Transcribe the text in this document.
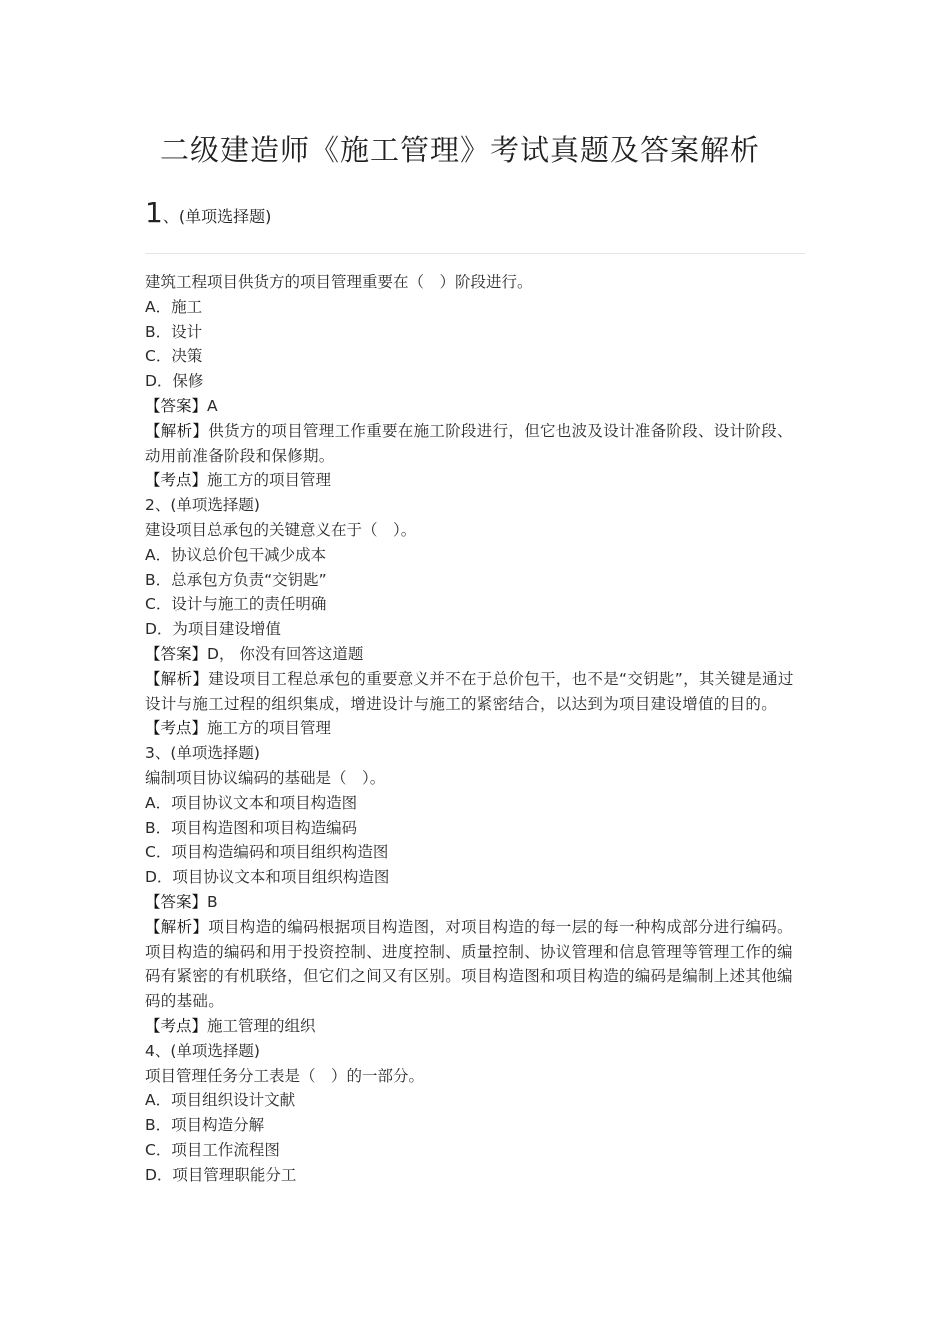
二级建造师《施工管理》考试真题及答案解析
1、(单项选择题)
建筑工程项目供货方的项目管理重要在（　）阶段进行。
A．施工
B．设计
C．决策
D．保修
【答案】A
【解析】供货方的项目管理工作重要在施工阶段进行，但它也波及设计准备阶段、设计阶段、动用前准备阶段和保修期。
【考点】施工方的项目管理
2、(单项选择题)
建设项目总承包的关键意义在于（　）。
A．协议总价包干减少成本
B．总承包方负责“交钥匙”
C．设计与施工的责任明确
D．为项目建设增值
【答案】D， 你没有回答这道题
【解析】建设项目工程总承包的重要意义并不在于总价包干，也不是“交钥匙”，其关键是通过设计与施工过程的组织集成，增进设计与施工的紧密结合，以达到为项目建设增值的目的。
【考点】施工方的项目管理
3、(单项选择题)
编制项目协议编码的基础是（　）。
A．项目协议文本和项目构造图
B．项目构造图和项目构造编码
C．项目构造编码和项目组织构造图
D．项目协议文本和项目组织构造图
【答案】B
【解析】项目构造的编码根据项目构造图，对项目构造的每一层的每一种构成部分进行编码。项目构造的编码和用于投资控制、进度控制、质量控制、协议管理和信息管理等管理工作的编码有紧密的有机联络，但它们之间又有区别。项目构造图和项目构造的编码是编制上述其他编码的基础。
【考点】施工管理的组织
4、(单项选择题)
项目管理任务分工表是（　）的一部分。
A．项目组织设计文献
B．项目构造分解
C．项目工作流程图
D．项目管理职能分工
